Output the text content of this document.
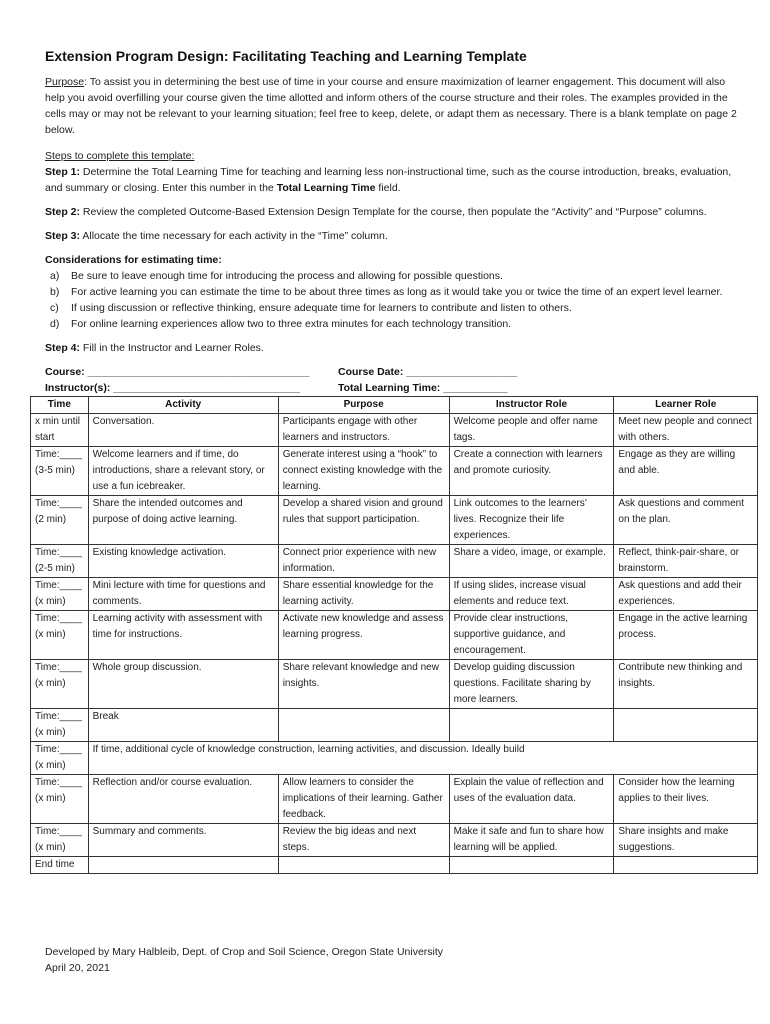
Extension Program Design: Facilitating Teaching and Learning Template

Purpose: To assist you in determining the best use of time in your course and ensure maximization of learner engagement. This document will also help you avoid overfilling your course given the time allotted and inform others of the course structure and their roles. The examples provided in the cells may or may not be relevant to your learning situation; feel free to keep, delete, or adapt them as necessary. There is a blank template on page 2 below.

Steps to complete this template:

Step 1: Determine the Total Learning Time for teaching and learning less non-instructional time, such as the course introduction, breaks, evaluation, and summary or closing. Enter this number in the Total Learning Time field.

Step 2: Review the completed Outcome-Based Extension Design Template for the course, then populate the “Activity” and “Purpose” columns.

Step 3: Allocate the time necessary for each activity in the “Time” column.

Considerations for estimating time:

a) Be sure to leave enough time for introducing the process and allowing for possible questions.
b) For active learning you can estimate the time to be about three times as long as it would take you or twice the time of an expert level learner.
c) If using discussion or reflective thinking, ensure adequate time for learners to contribute and listen to others.
d) For online learning experiences allow two to three extra minutes for each technology transition.

Step 4: Fill in the Instructor and Learner Roles.

Course: ______________________________________	Course Date: ___________________
Instructor(s): ________________________________	Total Learning Time: ___________
Time	Activity	Purpose	Instructor Role	Learner Role
x min until start	Conversation.	Participants engage with other learners and instructors.	Welcome people and offer name tags.	Meet new people and connect with others.
Time:____ (3-5 min)	Welcome learners and if time, do introductions, share a relevant story, or use a fun icebreaker.	Generate interest using a “hook” to connect existing knowledge with the learning.	Create a connection with learners and promote curiosity.	Engage as they are willing and able.
Time:____ (2 min)	Share the intended outcomes and purpose of doing active learning.	Develop a shared vision and ground rules that support participation.	Link outcomes to the learners’ lives. Recognize their life experiences.	Ask questions and comment on the plan.
Time:____ (2-5 min)	Existing knowledge activation.	Connect prior experience with new information.	Share a video, image, or example.	Reflect, think-pair-share, or brainstorm.
Time:____ (x min)	Mini lecture with time for questions and comments.	Share essential knowledge for the learning activity.	If using slides, increase visual elements and reduce text.	Ask questions and add their experiences.
Time:____ (x min)	Learning activity with assessment with time for instructions.	Activate new knowledge and assess learning progress.	Provide clear instructions, supportive guidance, and encouragement.	Engage in the active learning process.
Time:____ (x min)	Whole group discussion.	Share relevant knowledge and new insights.	Develop guiding discussion questions. Facilitate sharing by more learners.	Contribute new thinking and insights.
Time:____ (x min)	Break			
Time:____ (x min)	If time, additional cycle of knowledge construction, learning activities, and discussion. Ideally build			
Time:____ (x min)	Reflection and/or course evaluation.	Allow learners to consider the implications of their learning. Gather feedback.	Explain the value of reflection and uses of the evaluation data.	Consider how the learning applies to their lives.
Time:____ (x min)	Summary and comments.	Review the big ideas and next steps.	Make it safe and fun to share how learning will be applied.	Share insights and make suggestions.
End time				
Developed by Mary Halbleib, Dept. of Crop and Soil Science, Oregon State University
April 20, 2021
